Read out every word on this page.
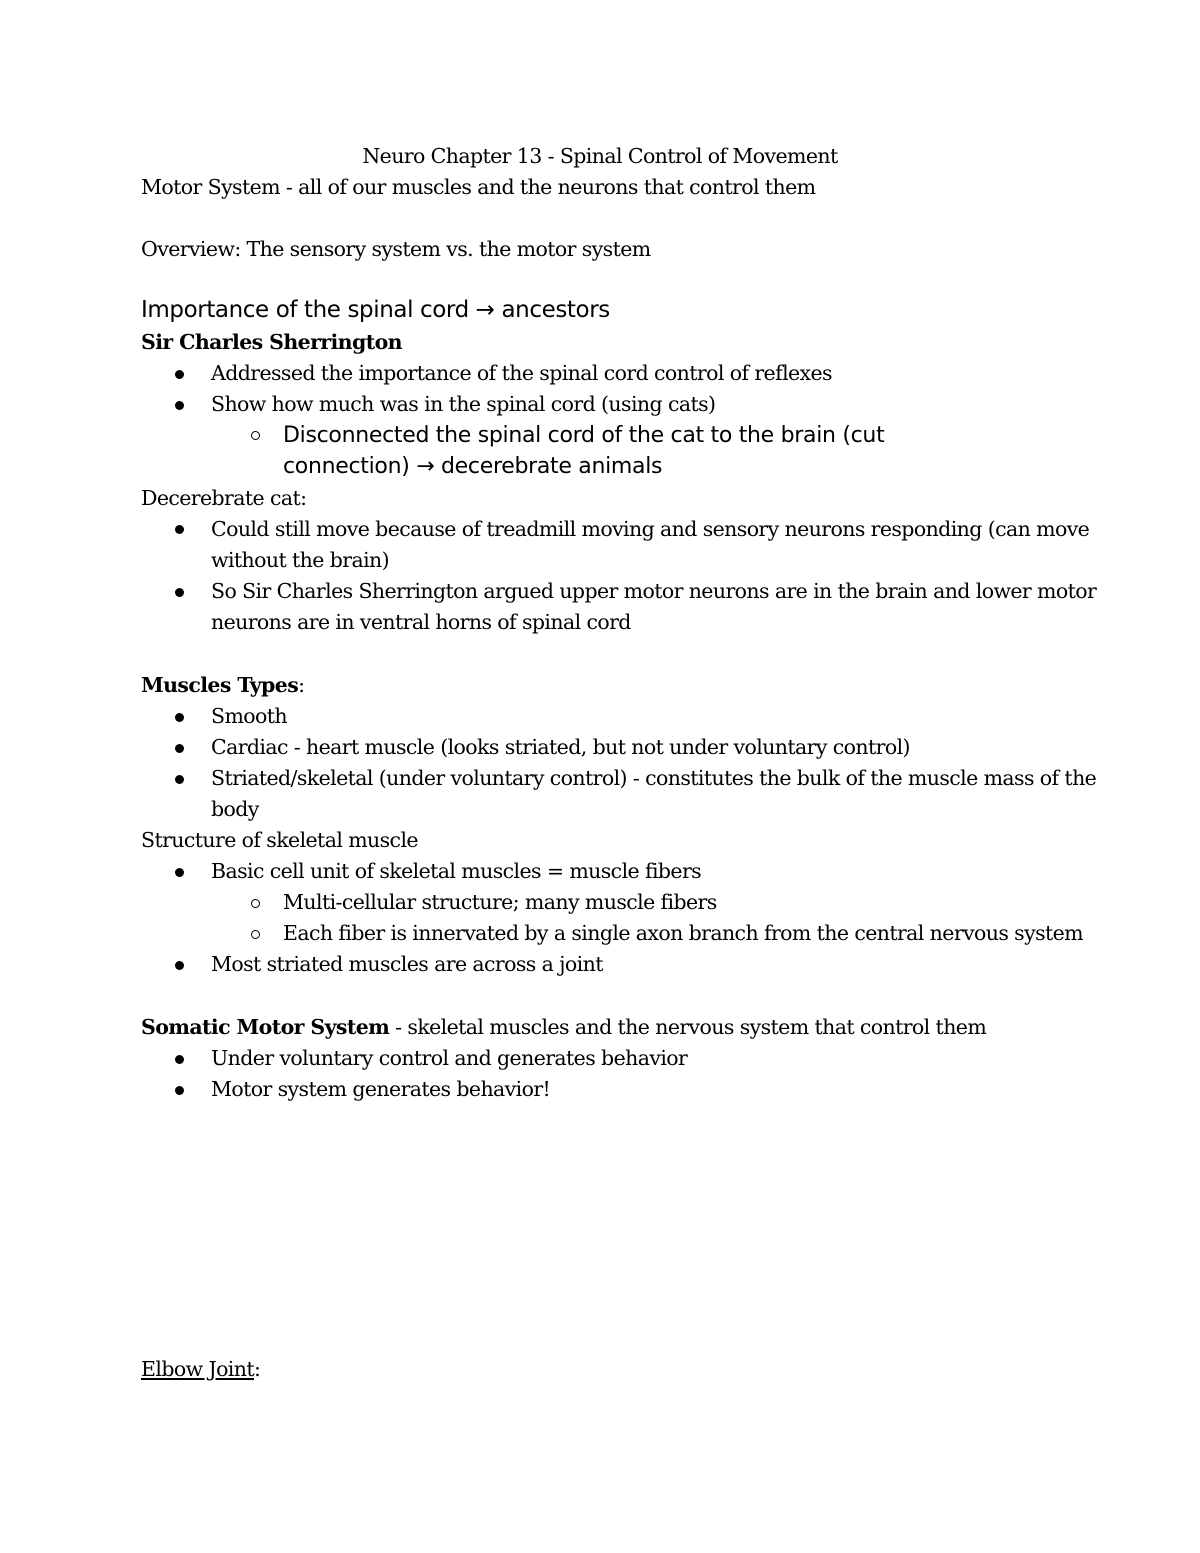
Neuro Chapter 13 - Spinal Control of Movement
Motor System - all of our muscles and the neurons that control them
Overview: The sensory system vs. the motor system
Importance of the spinal cord → ancestors
Sir Charles Sherrington
Addressed the importance of the spinal cord control of reflexes
Show how much was in the spinal cord (using cats)
Disconnected the spinal cord of the cat to the brain (cut
connection) → decerebrate animals
Decerebrate cat:
Could still move because of treadmill moving and sensory neurons responding (can move
without the brain)
So Sir Charles Sherrington argued upper motor neurons are in the brain and lower motor
neurons are in ventral horns of spinal cord
Muscles Types:
Smooth
Cardiac - heart muscle (looks striated, but not under voluntary control)
Striated/skeletal (under voluntary control) - constitutes the bulk of the muscle mass of the
body
Structure of skeletal muscle
Basic cell unit of skeletal muscles = muscle fibers
Multi-cellular structure; many muscle fibers
Each fiber is innervated by a single axon branch from the central nervous system
Most striated muscles are across a joint
Somatic Motor System - skeletal muscles and the nervous system that control them
Under voluntary control and generates behavior
Motor system generates behavior!
Elbow Joint:
